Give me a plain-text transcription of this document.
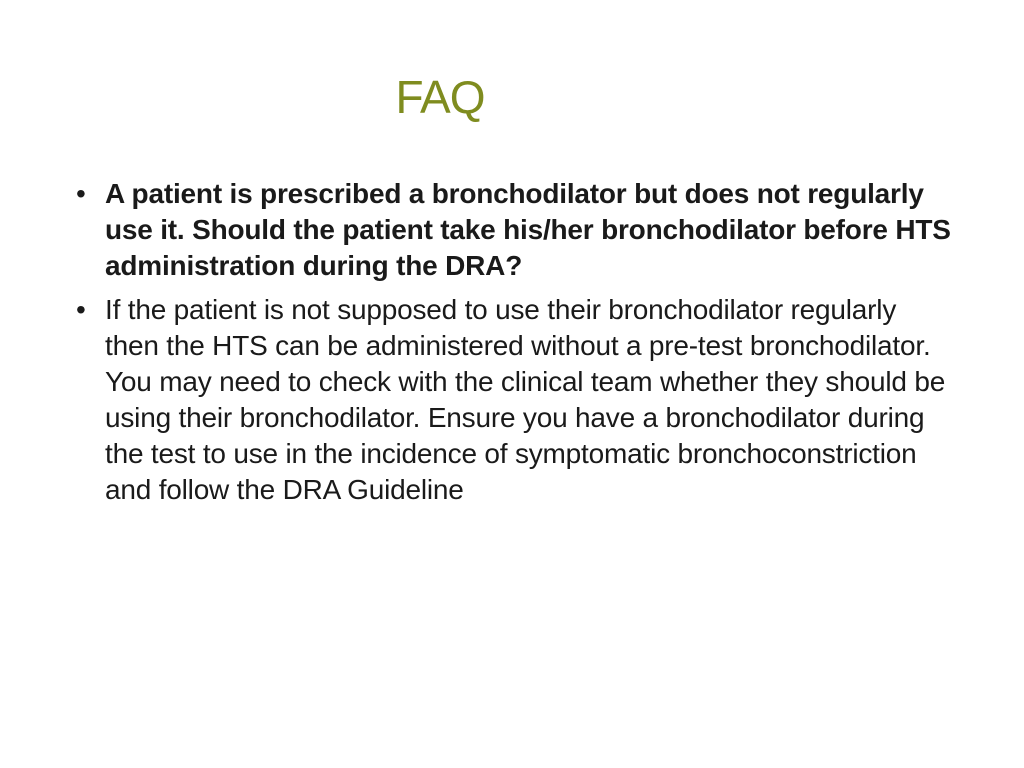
FAQ
• A patient is prescribed a bronchodilator but does not regularly use it. Should the patient take his/her bronchodilator before HTS administration during the DRA?
• If the patient is not supposed to use their bronchodilator regularly then the HTS can be administered without a pre-test bronchodilator. You may need to check with the clinical team whether they should be using their bronchodilator. Ensure you have a bronchodilator during the test to use in the incidence of symptomatic bronchoconstriction and follow the DRA Guideline
